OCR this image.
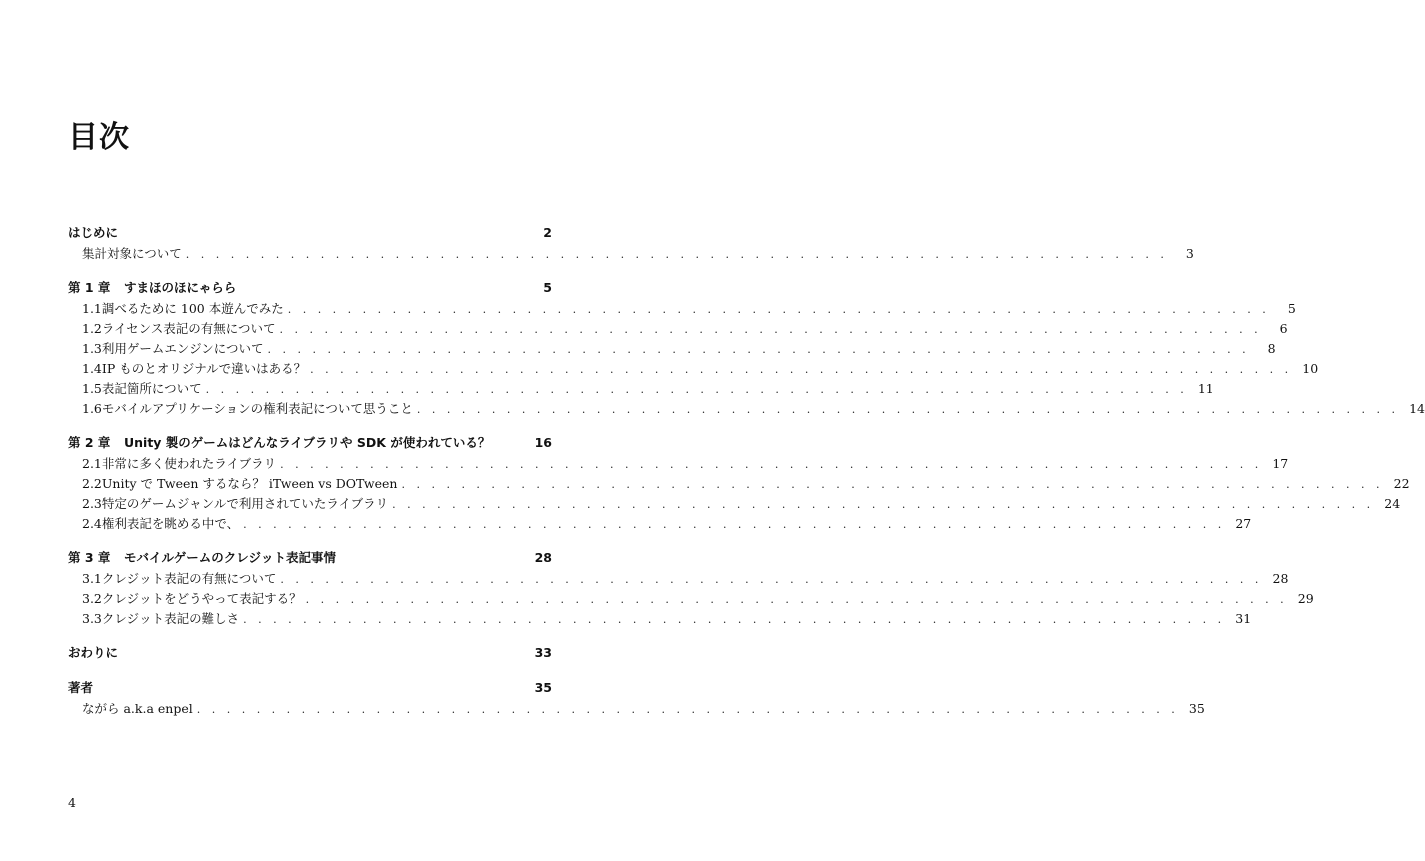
目次
はじめに	2
集計対象について . . .	3
第 1 章	すまほのほにゃらら	5
1.1 調べるために 100 本遊んでみた . . .	5
1.2 ライセンス表記の有無について . . .	6
1.3 利用ゲームエンジンについて . . .	8
1.4 IP ものとオリジナルで違いはある？ . . .	10
1.5 表記箇所について . . .	11
1.6 モバイルアプリケーションの権利表記について思うこと . . .	14
第 2 章	Unity 製のゲームはどんなライブラリや SDK が使われている？	16
2.1 非常に多く使われたライブラリ . . .	17
2.2 Unity で Tween するなら？ iTween vs DOTween . . .	22
2.3 特定のゲームジャンルで利用されていたライブラリ . . .	24
2.4 権利表記を眺める中で、 . . .	27
第 3 章	モバイルゲームのクレジット表記事情	28
3.1 クレジット表記の有無について . . .	28
3.2 クレジットをどうやって表記する？ . . .	29
3.3 クレジット表記の難しさ . . .	31
おわりに	33
著者	35
ながら a.k.a enpel . . .	35
4
